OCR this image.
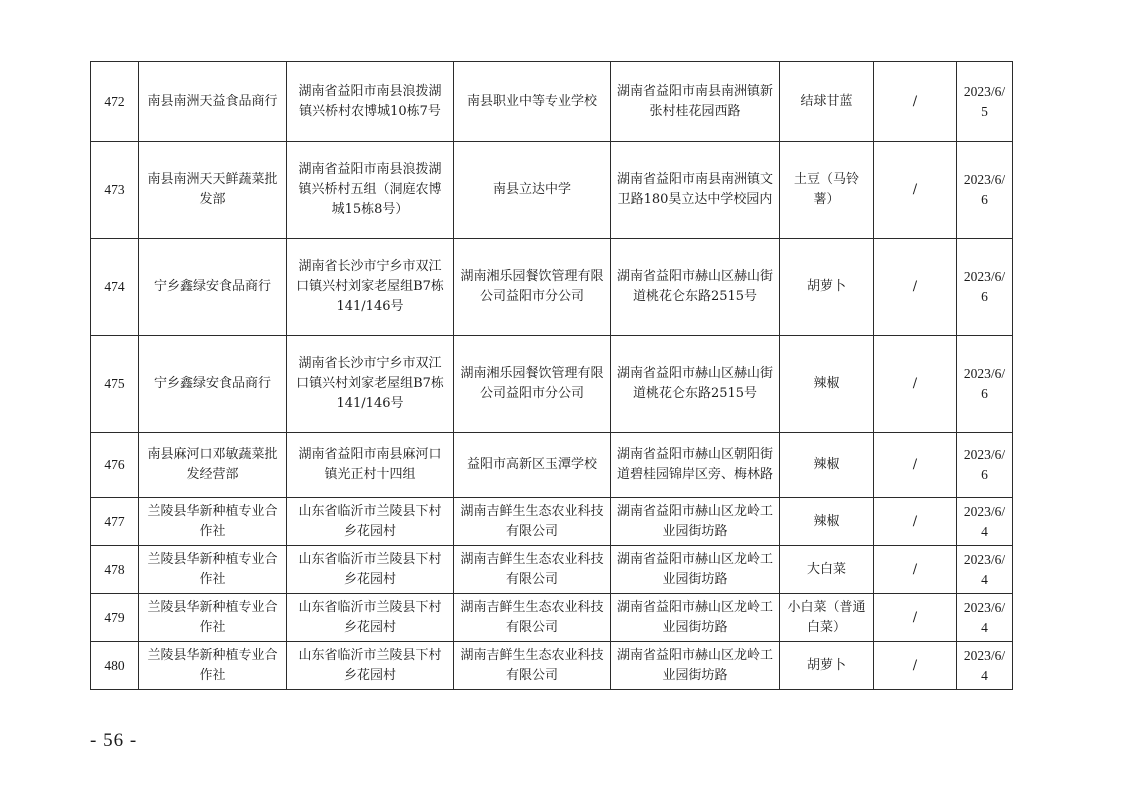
472	南县南洲天益食品商行	湖南省益阳市南县浪拨湖镇兴桥村农博城10栋7号	南县职业中等专业学校	湖南省益阳市南县南洲镇新张村桂花园西路	结球甘蓝	/	2023/6/5
473	南县南洲天天鲜蔬菜批发部	湖南省益阳市南县浪拨湖镇兴桥村五组（洞庭农博城15栋8号）	南县立达中学	湖南省益阳市南县南洲镇文卫路180昊立达中学校园内	土豆（马铃薯）	/	2023/6/6
474	宁乡鑫绿安食品商行	湖南省长沙市宁乡市双江口镇兴村刘家老屋组B7栋141/146号	湖南湘乐园餐饮管理有限公司益阳市分公司	湖南省益阳市赫山区赫山街道桃花仑东路2515号	胡萝卜	/	2023/6/6
475	宁乡鑫绿安食品商行	湖南省长沙市宁乡市双江口镇兴村刘家老屋组B7栋141/146号	湖南湘乐园餐饮管理有限公司益阳市分公司	湖南省益阳市赫山区赫山街道桃花仑东路2515号	辣椒	/	2023/6/6
476	南县麻河口邓敏蔬菜批发经营部	湖南省益阳市南县麻河口镇光正村十四组	益阳市高新区玉潭学校	湖南省益阳市赫山区朝阳街道碧桂园锦岸区旁、梅林路	辣椒	/	2023/6/6
477	兰陵县华新种植专业合作社	山东省临沂市兰陵县下村乡花园村	湖南吉鲜生生态农业科技有限公司	湖南省益阳市赫山区龙岭工业园街坊路	辣椒	/	2023/6/4
478	兰陵县华新种植专业合作社	山东省临沂市兰陵县下村乡花园村	湖南吉鲜生生态农业科技有限公司	湖南省益阳市赫山区龙岭工业园街坊路	大白菜	/	2023/6/4
479	兰陵县华新种植专业合作社	山东省临沂市兰陵县下村乡花园村	湖南吉鲜生生态农业科技有限公司	湖南省益阳市赫山区龙岭工业园街坊路	小白菜（普通白菜）	/	2023/6/4
480	兰陵县华新种植专业合作社	山东省临沂市兰陵县下村乡花园村	湖南吉鲜生生态农业科技有限公司	湖南省益阳市赫山区龙岭工业园街坊路	胡萝卜	/	2023/6/4
- 56 -
